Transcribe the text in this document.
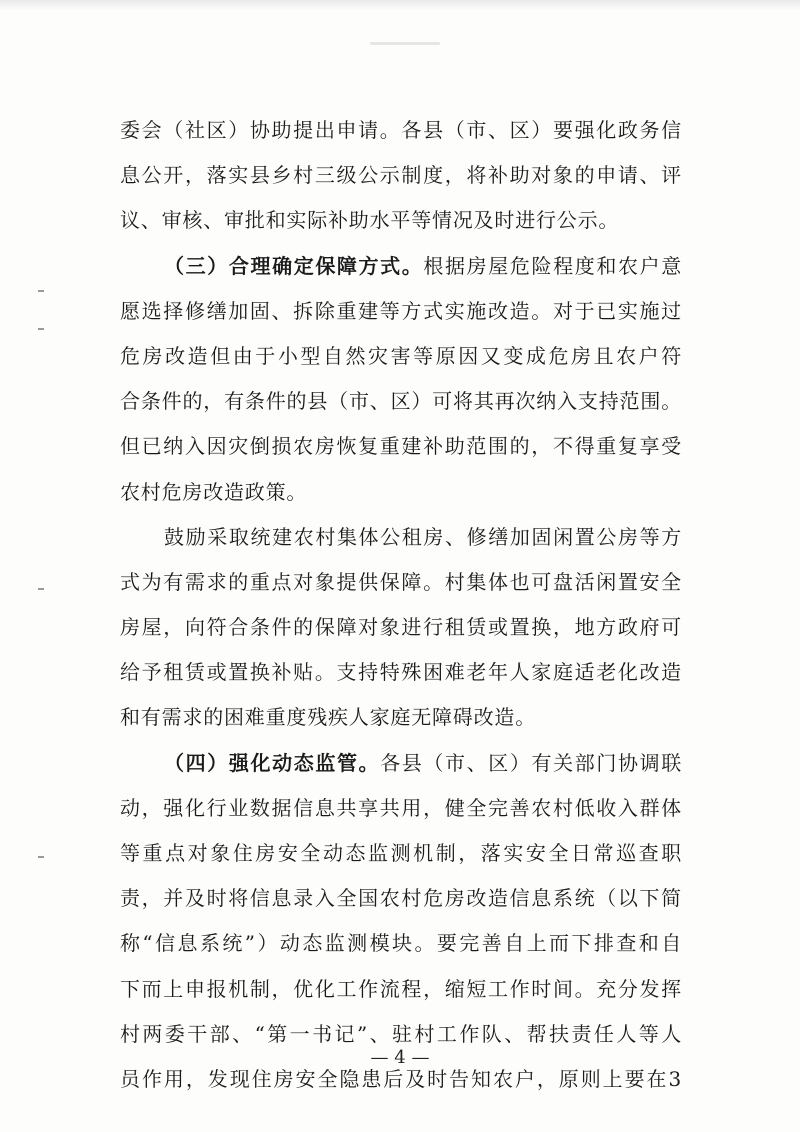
委会（社区）协助提出申请。各县（市、区）要强化政务信
息公开，落实县乡村三级公示制度，将补助对象的申请、评
议、审核、审批和实际补助水平等情况及时进行公示。
（三）合理确定保障方式。根据房屋危险程度和农户意
愿选择修缮加固、拆除重建等方式实施改造。对于已实施过
危房改造但由于小型自然灾害等原因又变成危房且农户符
合条件的，有条件的县（市、区）可将其再次纳入支持范围。
但已纳入因灾倒损农房恢复重建补助范围的，不得重复享受
农村危房改造政策。
鼓励采取统建农村集体公租房、修缮加固闲置公房等方
式为有需求的重点对象提供保障。村集体也可盘活闲置安全
房屋，向符合条件的保障对象进行租赁或置换，地方政府可
给予租赁或置换补贴。支持特殊困难老年人家庭适老化改造
和有需求的困难重度残疾人家庭无障碍改造。
（四）强化动态监管。各县（市、区）有关部门协调联
动，强化行业数据信息共享共用，健全完善农村低收入群体
等重点对象住房安全动态监测机制，落实安全日常巡查职
责，并及时将信息录入全国农村危房改造信息系统（以下简
称“信息系统”）动态监测模块。要完善自上而下排查和自
下而上申报机制，优化工作流程，缩短工作时间。充分发挥
村两委干部、“第一书记”、驻村工作队、帮扶责任人等人
员作用，发现住房安全隐患后及时告知农户，原则上要在3
— 4 —
